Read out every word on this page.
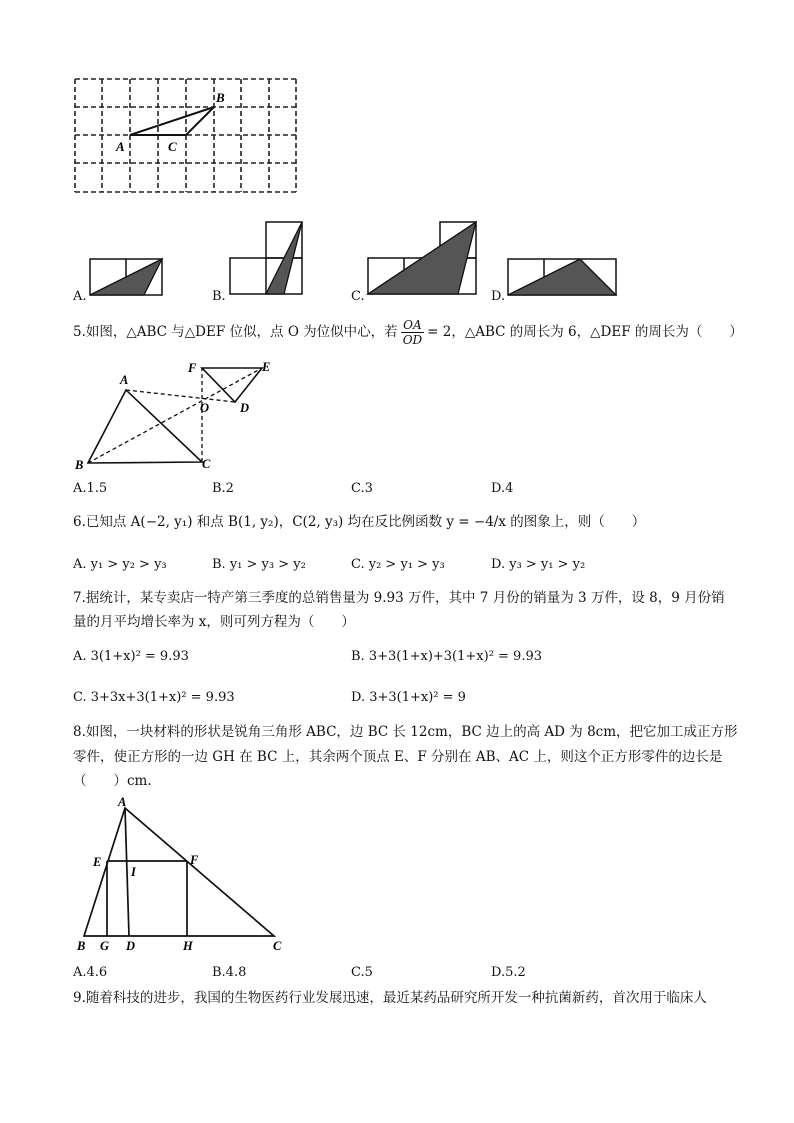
A	C
B
A.	B.	C.	D.
5.如图，△ABC 与△DEF 位似，点 O 为位似中心，若 $\frac{OA}{OD} = 2$，△ABC 的周长为 6，△DEF 的周长为（　　）
A
B	C
F	E
O D
A.1.5	B.2	C.3	D.4
6.已知点 A(−2, y₁) 和点 B(1, y₂)，C(2, y₃) 均在反比例函数 y = −4/x 的图象上，则（　　）
A. y₁ > y₂ > y₃	B. y₁ > y₃ > y₂	C. y₂ > y₁ > y₃	D. y₃ > y₁ > y₂
7.据统计，某专卖店一特产第三季度的总销售量为 9.93 万件，其中 7 月份的销量为 3 万件，设 8，9 月份销
量的月平均增长率为 x，则可列方程为（　　）
A. 3(1+x)² = 9.93	B. 3+3(1+x)+3(1+x)² = 9.93
C. 3+3x+3(1+x)² = 9.93	D. 3+3(1+x)² = 9
8.如图，一块材料的形状是锐角三角形 ABC，边 BC 长 12cm，BC 边上的高 AD 为 8cm，把它加工成正方形
零件，使正方形的一边 GH 在 BC 上，其余两个顶点 E、F 分别在 AB、AC 上，则这个正方形零件的边长是
（　　）cm.
A
E	F
I
B G D	H	C
A.4.6	B.4.8	C.5	D.5.2
9.随着科技的进步，我国的生物医药行业发展迅速，最近某药品研究所开发一种抗菌新药，首次用于临床人
